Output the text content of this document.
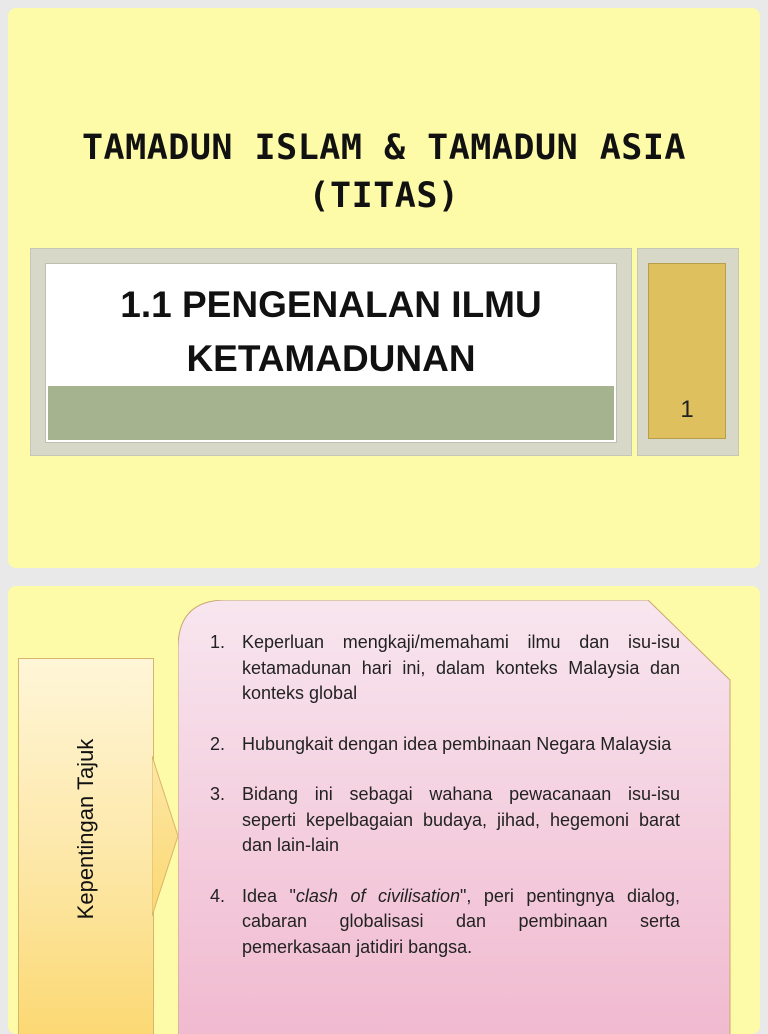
TAMADUN ISLAM & TAMADUN ASIA
(TITAS)
1.1 PENGENALAN ILMU
KETAMADUNAN
1
Kepentingan Tajuk
1. Keperluan mengkaji/memahami ilmu dan isu-isu ketamadunan hari ini, dalam konteks Malaysia dan konteks global
2. Hubungkait dengan idea pembinaan Negara Malaysia
3. Bidang ini sebagai wahana pewacanaan isu-isu seperti kepelbagaian budaya, jihad, hegemoni barat dan lain-lain
4. Idea "clash of civilisation", peri pentingnya dialog, cabaran globalisasi dan pembinaan serta pemerkasaan jatidiri bangsa.
